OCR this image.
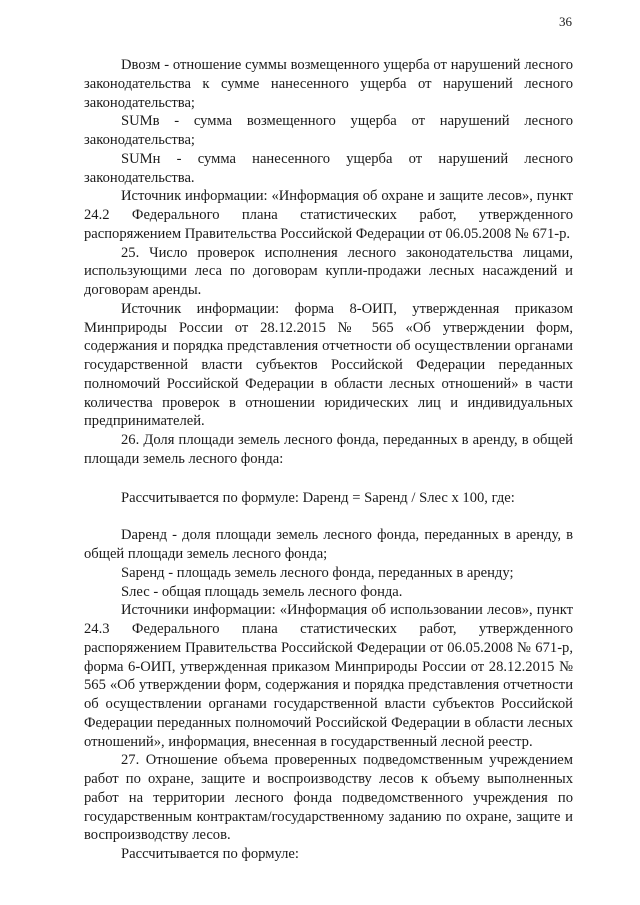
36

Dвозм - отношение суммы возмещенного ущерба от нарушений лесного законодательства к сумме нанесенного ущерба от нарушений лесного законодательства;

SUMв - сумма возмещенного ущерба от нарушений лесного законодательства;

SUMн - сумма нанесенного ущерба от нарушений лесного законодательства.

Источник информации: «Информация об охране и защите лесов», пункт 24.2 Федерального плана статистических работ, утвержденного распоряжением Правительства Российской Федерации от 06.05.2008 № 671-р.

25. Число проверок исполнения лесного законодательства лицами, использующими леса по договорам купли-продажи лесных насаждений и договорам аренды.

Источник информации: форма 8-ОИП, утвержденная приказом Минприроды России от 28.12.2015 № 565 «Об утверждении форм, содержания и порядка представления отчетности об осуществлении органами государственной власти субъектов Российской Федерации переданных полномочий Российской Федерации в области лесных отношений» в части количества проверок в отношении юридических лиц и индивидуальных предпринимателей.

26. Доля площади земель лесного фонда, переданных в аренду, в общей площади земель лесного фонда:

Рассчитывается по формуле: Dаренд = Sаренд / Sлес х 100, где:

Dаренд - доля площади земель лесного фонда, переданных в аренду, в общей площади земель лесного фонда;

Sаренд - площадь земель лесного фонда, переданных в аренду;

Sлес - общая площадь земель лесного фонда.

Источники информации: «Информация об использовании лесов», пункт 24.3 Федерального плана статистических работ, утвержденного распоряжением Правительства Российской Федерации от 06.05.2008 № 671-р, форма 6-ОИП, утвержденная приказом Минприроды России от 28.12.2015 № 565 «Об утверждении форм, содержания и порядка представления отчетности об осуществлении органами государственной власти субъектов Российской Федерации переданных полномочий Российской Федерации в области лесных отношений», информация, внесенная в государственный лесной реестр.

27. Отношение объема проверенных подведомственным учреждением работ по охране, защите и воспроизводству лесов к объему выполненных работ на территории лесного фонда подведомственного учреждения по государственным контрактам/государственному заданию по охране, защите и воспроизводству лесов.

Рассчитывается по формуле:
